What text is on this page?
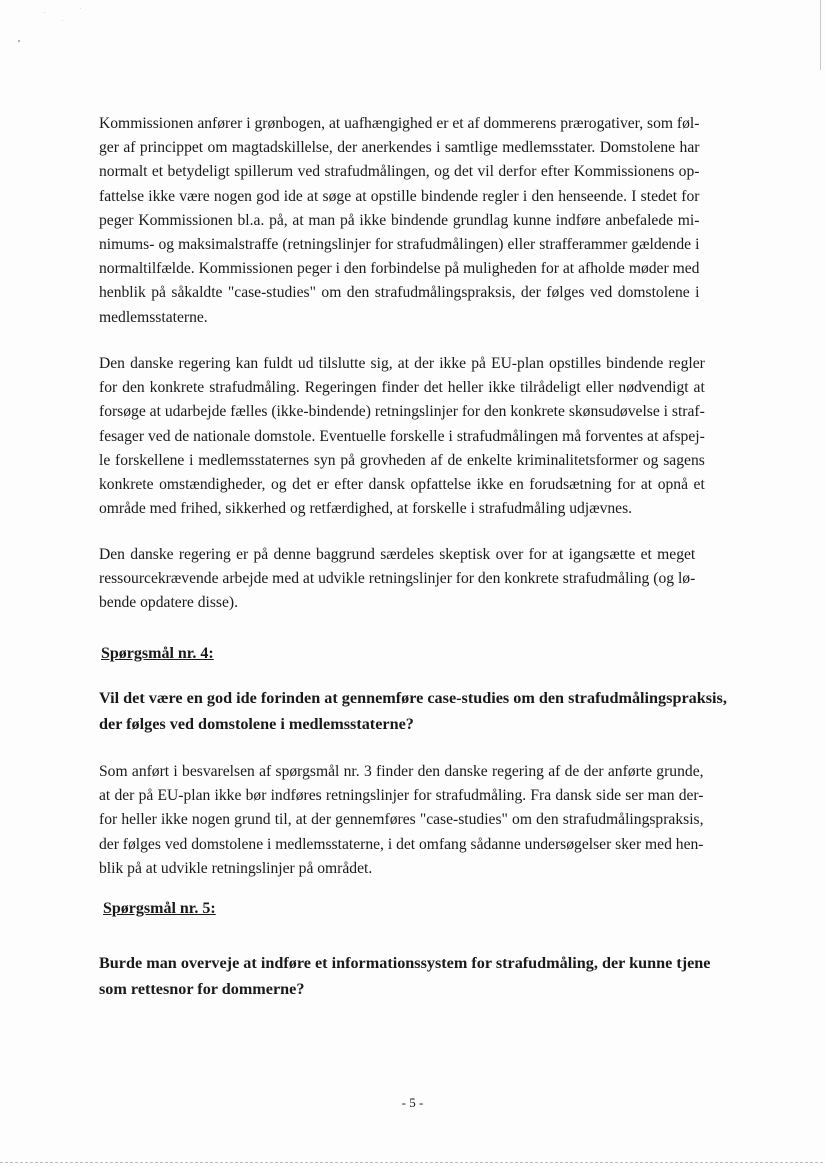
Kommissionen anfører i grønbogen, at uafhængighed er et af dommerens prærogativer, som føl-
ger af princippet om magtadskillelse, der anerkendes i samtlige medlemsstater. Domstolene har
normalt et betydeligt spillerum ved strafudmålingen, og det vil derfor efter Kommissionens op-
fattelse ikke være nogen god ide at søge at opstille bindende regler i den henseende. I stedet for
peger Kommissionen bl.a. på, at man på ikke bindende grundlag kunne indføre anbefalede mi-
nimums- og maksimalstraffe (retningslinjer for strafudmålingen) eller strafferammer gældende i
normaltilfælde. Kommissionen peger i den forbindelse på muligheden for at afholde møder med
henblik på såkaldte "case-studies" om den strafudmålingspraksis, der følges ved domstolene i
medlemsstaterne.
Den danske regering kan fuldt ud tilslutte sig, at der ikke på EU-plan opstilles bindende regler
for den konkrete strafudmåling. Regeringen finder det heller ikke tilrådeligt eller nødvendigt at
forsøge at udarbejde fælles (ikke-bindende) retningslinjer for den konkrete skønsudøvelse i straf-
fesager ved de nationale domstole. Eventuelle forskelle i strafudmålingen må forventes at afspej-
le forskellene i medlemsstaternes syn på grovheden af de enkelte kriminalitetsformer og sagens
konkrete omstændigheder, og det er efter dansk opfattelse ikke en forudsætning for at opnå et
område med frihed, sikkerhed og retfærdighed, at forskelle i strafudmåling udjævnes.
Den danske regering er på denne baggrund særdeles skeptisk over for at igangsætte et meget
ressourcekrævende arbejde med at udvikle retningslinjer for den konkrete strafudmåling (og lø-
bende opdatere disse).

Spørgsmål nr. 4:

Vil det være en god ide forinden at gennemføre case-studies om den strafudmålingspraksis,
der følges ved domstolene i medlemsstaterne?
Som anført i besvarelsen af spørgsmål nr. 3 finder den danske regering af de der anførte grunde,
at der på EU-plan ikke bør indføres retningslinjer for strafudmåling. Fra dansk side ser man der-
for heller ikke nogen grund til, at der gennemføres "case-studies" om den strafudmålingspraksis,
der følges ved domstolene i medlemsstaterne, i det omfang sådanne undersøgelser sker med hen-
blik på at udvikle retningslinjer på området.

Spørgsmål nr. 5:

Burde man overveje at indføre et informationssystem for strafudmåling, der kunne tjene
som rettesnor for dommerne?
- 5 -
